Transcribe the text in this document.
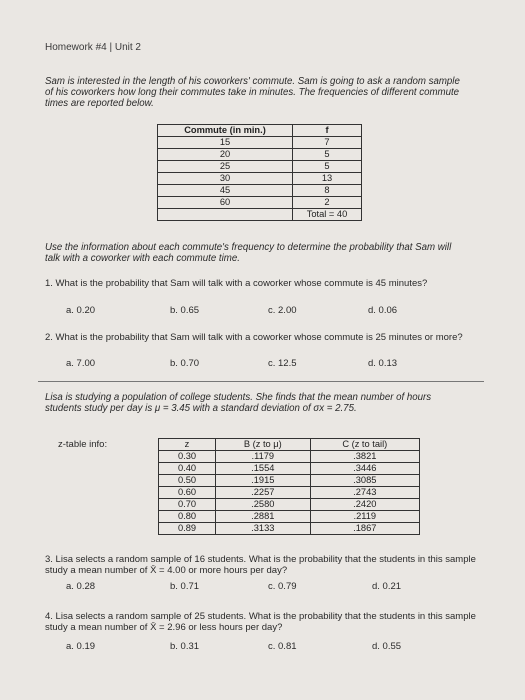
Homework #4 | Unit 2
Sam is interested in the length of his coworkers' commute. Sam is going to ask a random sample of his coworkers how long their commutes take in minutes. The frequencies of different commute times are reported below.
Commute (in min.)	f
15	7
20	5
25	5
30	13
45	8
60	2
	Total = 40
Use the information about each commute's frequency to determine the probability that Sam will talk with a coworker with each commute time.
1. What is the probability that Sam will talk with a coworker whose commute is 45 minutes?
a. 0.20	b. 0.65	c. 2.00	d. 0.06
2. What is the probability that Sam will talk with a coworker whose commute is 25 minutes or more?
a. 7.00	b. 0.70	c. 12.5	d. 0.13
Lisa is studying a population of college students. She finds that the mean number of hours students study per day is μ = 3.45 with a standard deviation of σx = 2.75.
z-table info:	z	B (z to μ)	C (z to tail)
0.30	.1179	.3821
0.40	.1554	.3446
0.50	.1915	.3085
0.60	.2257	.2743
0.70	.2580	.2420
0.80	.2881	.2119
0.89	.3133	.1867
3. Lisa selects a random sample of 16 students. What is the probability that the students in this sample study a mean number of X̄ = 4.00 or more hours per day?
a. 0.28	b. 0.71	c. 0.79	d. 0.21
4. Lisa selects a random sample of 25 students. What is the probability that the students in this sample study a mean number of X̄ = 2.96 or less hours per day?
a. 0.19	b. 0.31	c. 0.81	d. 0.55
